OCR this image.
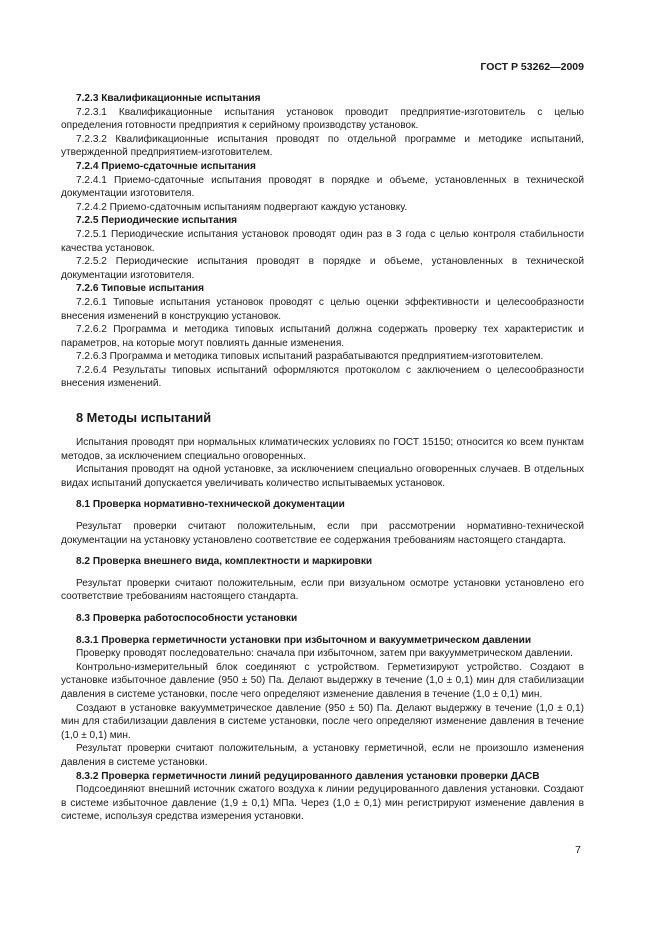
ГОСТ Р 53262—2009

7.2.3 Квалификационные испытания

7.2.3.1 Квалификационные испытания установок проводит предприятие-изготовитель с целью определения готовности предприятия к серийному производству установок.

7.2.3.2 Квалификационные испытания проводят по отдельной программе и методике испытаний, утвержденной предприятием-изготовителем.

7.2.4 Приемо-сдаточные испытания

7.2.4.1 Приемо-сдаточные испытания проводят в порядке и объеме, установленных в технической документации изготовителя.

7.2.4.2 Приемо-сдаточным испытаниям подвергают каждую установку.

7.2.5 Периодические испытания

7.2.5.1 Периодические испытания установок проводят один раз в 3 года с целью контроля стабильности качества установок.

7.2.5.2 Периодические испытания проводят в порядке и объеме, установленных в технической документации изготовителя.

7.2.6 Типовые испытания

7.2.6.1 Типовые испытания установок проводят с целью оценки эффективности и целесообразности внесения изменений в конструкцию установок.

7.2.6.2 Программа и методика типовых испытаний должна содержать проверку тех характеристик и параметров, на которые могут повлиять данные изменения.

7.2.6.3 Программа и методика типовых испытаний разрабатываются предприятием-изготовителем.

7.2.6.4 Результаты типовых испытаний оформляются протоколом с заключением о целесообразности внесения изменений.

8 Методы испытаний

Испытания проводят при нормальных климатических условиях по ГОСТ 15150; относится ко всем пунктам методов, за исключением специально оговоренных.

Испытания проводят на одной установке, за исключением специально оговоренных случаев. В отдельных видах испытаний допускается увеличивать количество испытываемых установок.

8.1 Проверка нормативно-технической документации

Результат проверки считают положительным, если при рассмотрении нормативно-технической документации на установку установлено соответствие ее содержания требованиям настоящего стандарта.

8.2 Проверка внешнего вида, комплектности и маркировки

Результат проверки считают положительным, если при визуальном осмотре установки установлено его соответствие требованиям настоящего стандарта.

8.3 Проверка работоспособности установки

8.3.1 Проверка герметичности установки при избыточном и вакуумметрическом давлении

Проверку проводят последовательно: сначала при избыточном, затем при вакуумметрическом давлении.

Контрольно-измерительный блок соединяют с устройством. Герметизируют устройство. Создают в установке избыточное давление (950 ± 50) Па. Делают выдержку в течение (1,0 ± 0,1) мин для стабилизации давления в системе установки, после чего определяют изменение давления в течение (1,0 ± 0,1) мин.

Создают в установке вакуумметрическое давление (950 ± 50) Па. Делают выдержку в течение (1,0 ± 0,1) мин для стабилизации давления в системе установки, после чего определяют изменение давления в течение (1,0 ± 0,1) мин.

Результат проверки считают положительным, а установку герметичной, если не произошло изменения давления в системе установки.

8.3.2 Проверка герметичности линий редуцированного давления установки проверки ДАСВ

Подсоединяют внешний источник сжатого воздуха к линии редуцированного давления установки. Создают в системе избыточное давление (1,9 ± 0,1) МПа. Через (1,0 ± 0,1) мин регистрируют изменение давления в системе, используя средства измерения установки.

7
